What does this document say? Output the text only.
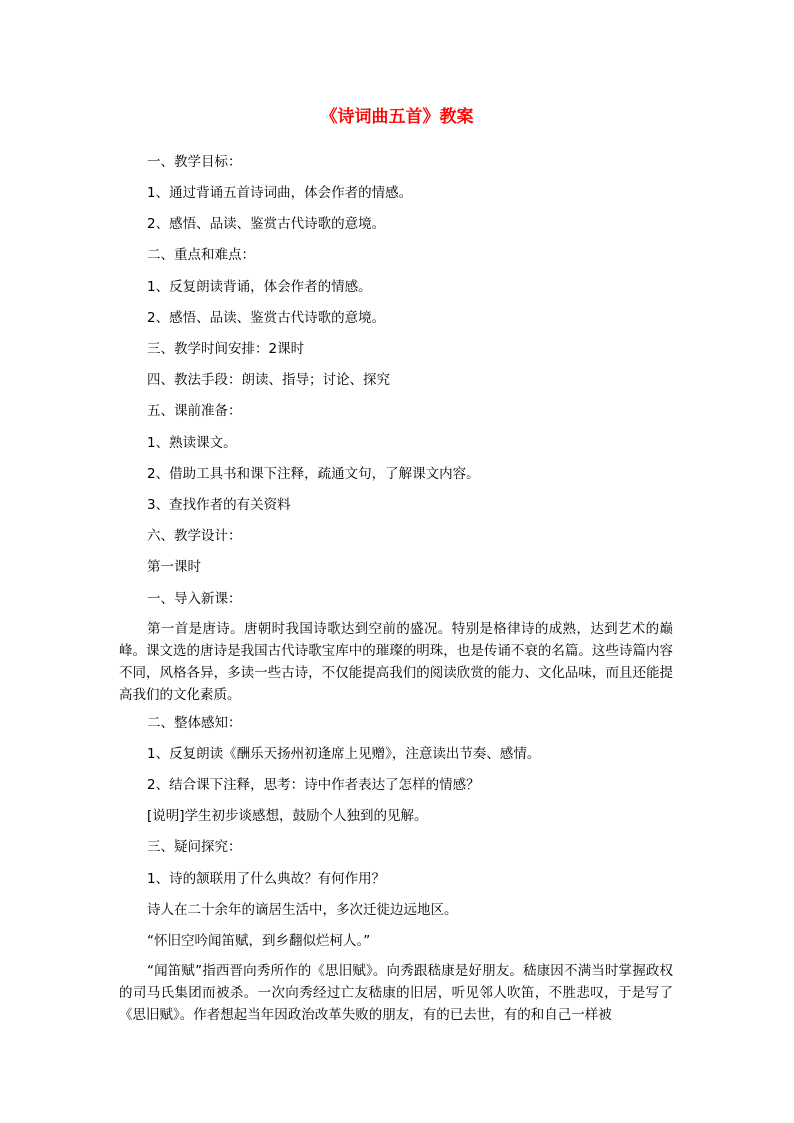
《诗词曲五首》教案

一、教学目标：

1、通过背诵五首诗词曲，体会作者的情感。

2、感悟、品读、鉴赏古代诗歌的意境。

二、重点和难点：

1、反复朗读背诵，体会作者的情感。

2、感悟、品读、鉴赏古代诗歌的意境。

三、教学时间安排：2课时

四、教法手段：朗读、指导；讨论、探究

五、课前准备：

1、熟读课文。

2、借助工具书和课下注释，疏通文句，了解课文内容。

3、查找作者的有关资料

六、教学设计：

第一课时

一、导入新课：

第一首是唐诗。唐朝时我国诗歌达到空前的盛况。特别是格律诗的成熟，达到艺术的巅峰。课文选的唐诗是我国古代诗歌宝库中的璀璨的明珠，也是传诵不衰的名篇。这些诗篇内容不同，风格各异，多读一些古诗，不仅能提高我们的阅读欣赏的能力、文化品味，而且还能提高我们的文化素质。

二、整体感知：

1、反复朗读《酬乐天扬州初逢席上见赠》，注意读出节奏、感情。

2、结合课下注释，思考：诗中作者表达了怎样的情感？

[说明]学生初步谈感想，鼓励个人独到的见解。

三、疑问探究：

1、诗的颔联用了什么典故？有何作用？

诗人在二十余年的谪居生活中，多次迁徙边远地区。

“怀旧空吟闻笛赋，到乡翻似烂柯人。”

“闻笛赋”指西晋向秀所作的《思旧赋》。向秀跟嵇康是好朋友。嵇康因不满当时掌握政权的司马氏集团而被杀。一次向秀经过亡友嵇康的旧居，听见邻人吹笛，不胜悲叹，于是写了《思旧赋》。作者想起当年因政治改革失败的朋友，有的已去世，有的和自己一样被
